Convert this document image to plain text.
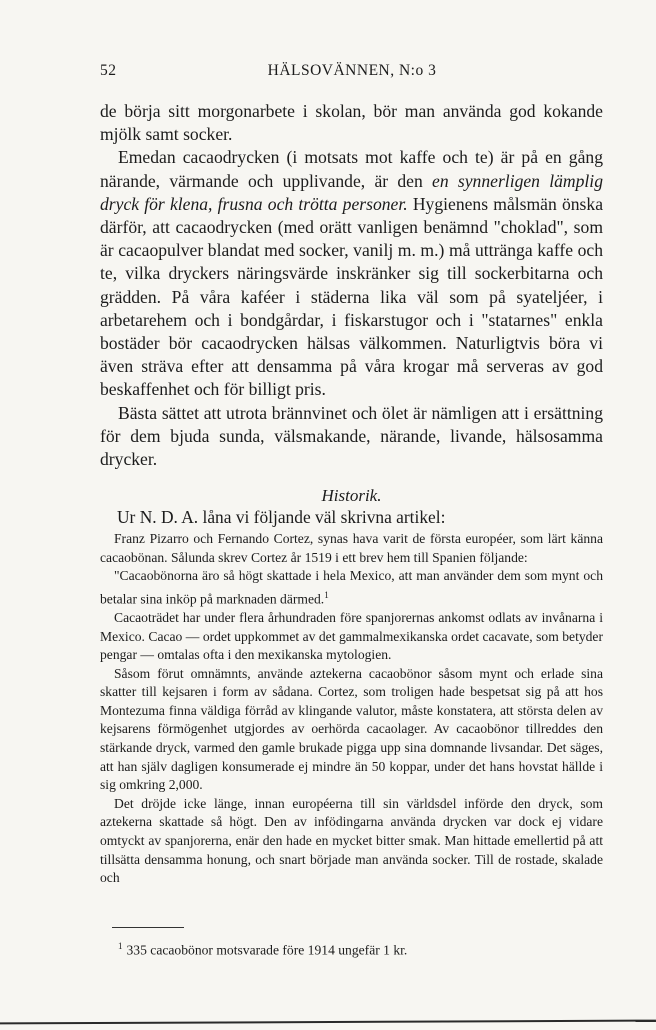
52	HÄLSOVÄNNEN, N:o 3

de börja sitt morgonarbete i skolan, bör man använda god kokande mjölk samt socker.

Emedan cacaodrycken (i motsats mot kaffe och te) är på en gång närande, värmande och upplivande, är den en synnerligen lämplig dryck för klena, frusna och trötta personer. Hygienens målsmän önska därför, att cacaodrycken (med orätt vanligen benämnd "choklad", som är cacaopulver blandat med socker, vanilj m. m.) må uttränga kaffe och te, vilka dryckers näringsvärde inskränker sig till sockerbitarna och grädden. På våra kaféer i städerna lika väl som på syateljéer, i arbetarehem och i bondgårdar, i fiskarstugor och i "statarnes" enkla bostäder bör cacaodrycken hälsas välkommen. Naturligtvis böra vi även sträva efter att densamma på våra krogar må serveras av god beskaffenhet och för billigt pris.

Bästa sättet att utrota brännvinet och ölet är nämligen att i ersättning för dem bjuda sunda, välsmakande, närande, livande, hälsosamma drycker.

Historik.
Ur N. D. A. låna vi följande väl skrivna artikel:

Franz Pizarro och Fernando Cortez, synas hava varit de första européer, som lärt känna cacaobönan. Sålunda skrev Cortez år 1519 i ett brev hem till Spanien följande:

"Cacaobönorna äro så högt skattade i hela Mexico, att man använder dem som mynt och betalar sina inköp på marknaden därmed.$^1$

Cacaoträdet har under flera århundraden före spanjorernas ankomst odlats av invånarna i Mexico. Cacao — ordet uppkommet av det gammalmexikanska ordet cacavate, som betyder pengar — omtalas ofta i den mexikanska mytologien.

Såsom förut omnämnts, använde aztekerna cacaobönor såsom mynt och erlade sina skatter till kejsaren i form av sådana. Cortez, som troligen hade bespetsat sig på att hos Montezuma finna väldiga förråd av klingande valutor, måste konstatera, att största delen av kejsarens förmögenhet utgjordes av oerhörda cacaolager. Av cacaobönor tillreddes den stärkande dryck, varmed den gamle brukade pigga upp sina domnande livsandar. Det säges, att han själv dagligen konsumerade ej mindre än 50 koppar, under det hans hovstat hällde i sig omkring 2,000.

Det dröjde icke länge, innan européerna till sin världsdel införde den dryck, som aztekerna skattade så högt. Den av infödingarna använda drycken var dock ej vidare omtyckt av spanjorerna, enär den hade en mycket bitter smak. Man hittade emellertid på att tillsätta densamma honung, och snart började man använda socker. Till de rostade, skalade och

$^1$ 335 cacaobönor motsvarade före 1914 ungefär 1 kr.
